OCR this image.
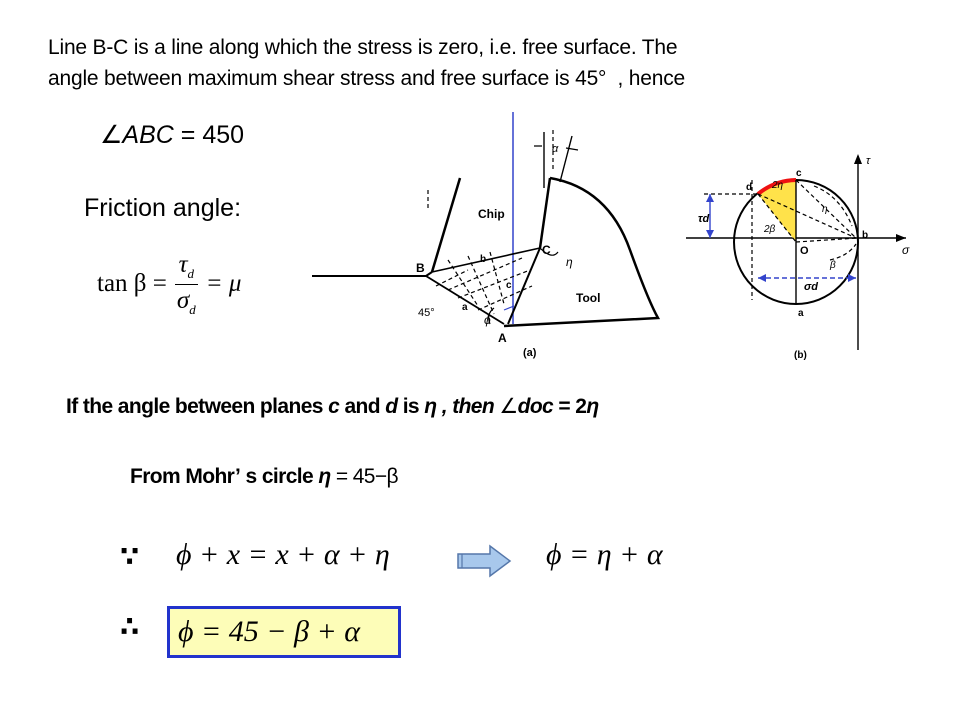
Line B-C is a line along which the stress is zero, i.e. free surface. The
angle between maximum shear stress and free surface is 45°  , hence
∠ABC = 450
Friction angle:
$\tan \beta = \frac{\tau_d}{\sigma_d} = \mu$
Chip
Tool
B
C
A
b
c
a
45°
α
η
ϕ
(a)
τ
σ
c
d
b
a
O
2η
2β
η
β
τd
σd
(b)
If the angle between planes c and d is η , then ∠doc = 2η
From Mohr’ s circle η = 45−β
∵ ϕ + x = x + α + η	ϕ = η + α
∴ ϕ = 45 − β + α
